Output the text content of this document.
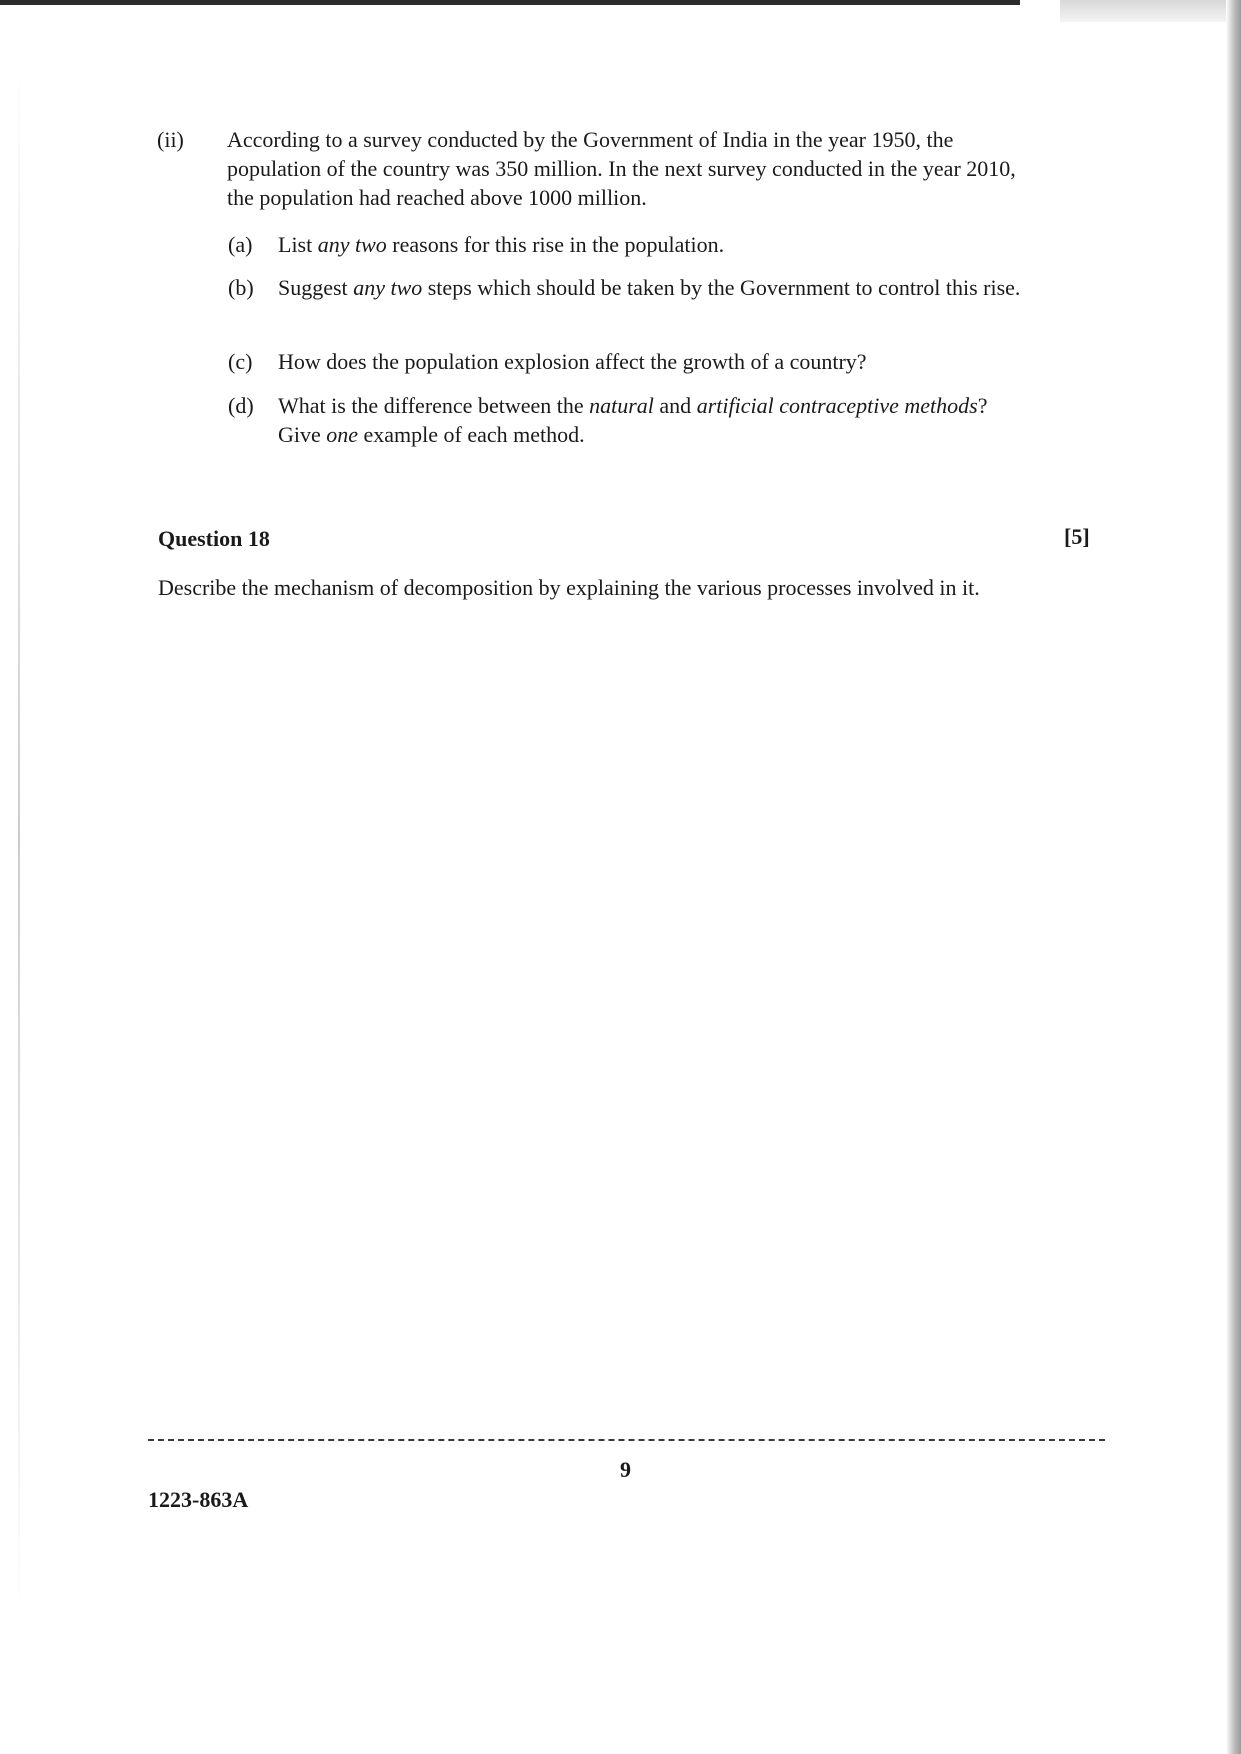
(ii) According to a survey conducted by the Government of India in the year 1950, the population of the country was 350 million. In the next survey conducted in the year 2010, the population had reached above 1000 million.

(a) List any two reasons for this rise in the population.

(b) Suggest any two steps which should be taken by the Government to control this rise.

(c) How does the population explosion affect the growth of a country?

(d) What is the difference between the natural and artificial contraceptive methods? Give one example of each method.

Question 18	[5]

Describe the mechanism of decomposition by explaining the various processes involved in it.

9
1223-863A
